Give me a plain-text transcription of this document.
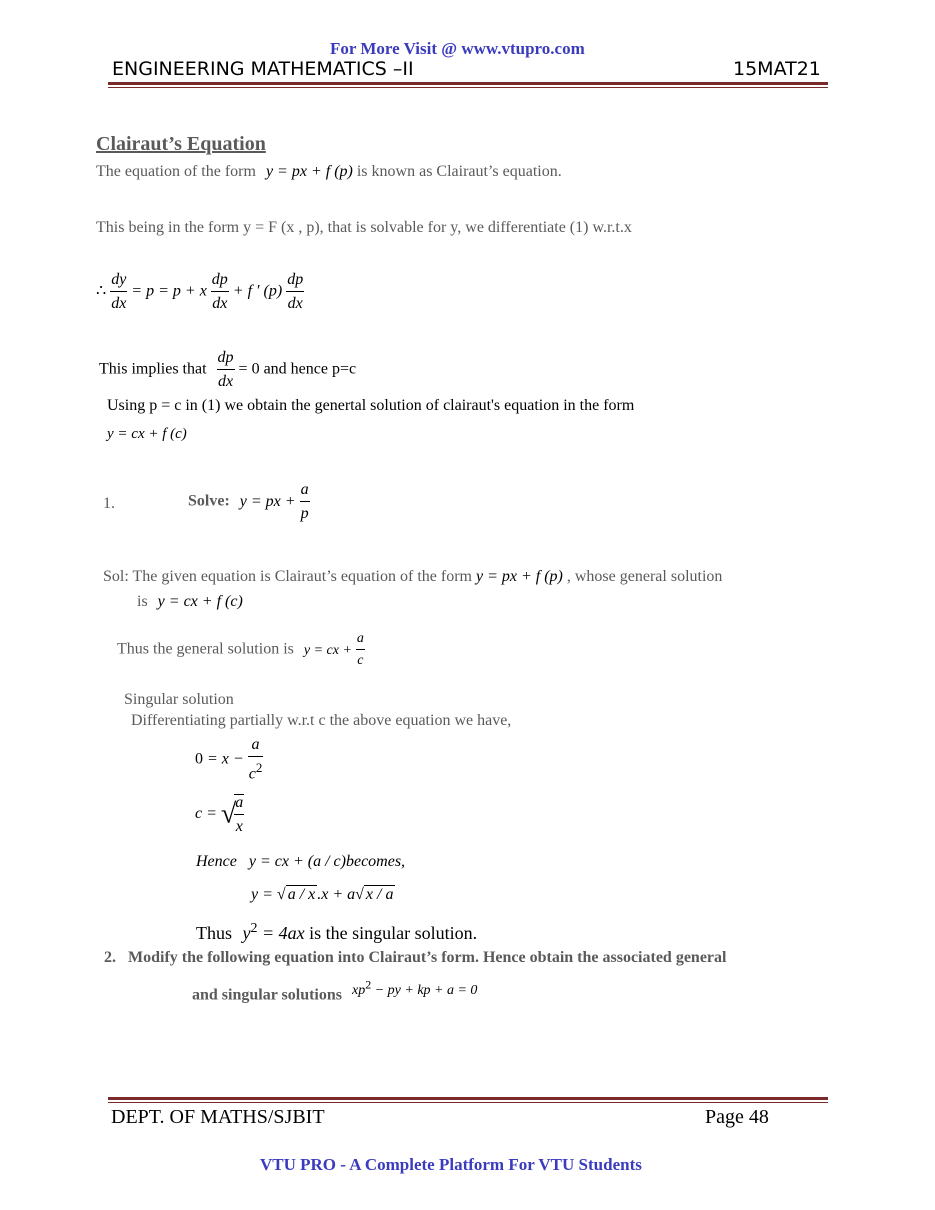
For More Visit @ www.vtupro.com
ENGINEERING MATHEMATICS –II	15MAT21
Clairaut’s Equation
The equation of the form y = px + f (p) is known as Clairaut’s equation.
This being in the form y = F (x , p), that is solvable for y, we differentiate (1) w.r.t.x
∴ $\frac{dy}{dx} = p = p + x \frac{dp}{dx} + f$ ′ $(p) \frac{dp}{dx}$
This implies that $\frac{dp}{dx} = 0$ and hence p=c
Using p = c in (1) we obtain the genertal solution of clairaut's equation in the form
y = cx + f (c)
1.	Solve: y = px + $\frac{a}{p}$
Sol: The given equation is Clairaut’s equation of the form y = px + f (p) , whose general solution
is y = cx + f (c)
Thus the general solution is y = cx + $\frac{a}{c}$
Singular solution
Differentiating partially w.r.t c the above equation we have,
$0 = x - \frac{a}{c^2}$
c = √
$\frac{a}{x}$
Hence y = cx + (a / c)becomes,
y = √ a / x .x + a√ x / a
Thus $y^2 = 4ax$ is the singular solution.
2. Modify the following equation into Clairaut’s form. Hence obtain the associated general
and singular solutions $xp^2$ − py + kp + a = 0
DEPT. OF MATHS/SJBIT	Page 48
VTU PRO - A Complete Platform For VTU Students
